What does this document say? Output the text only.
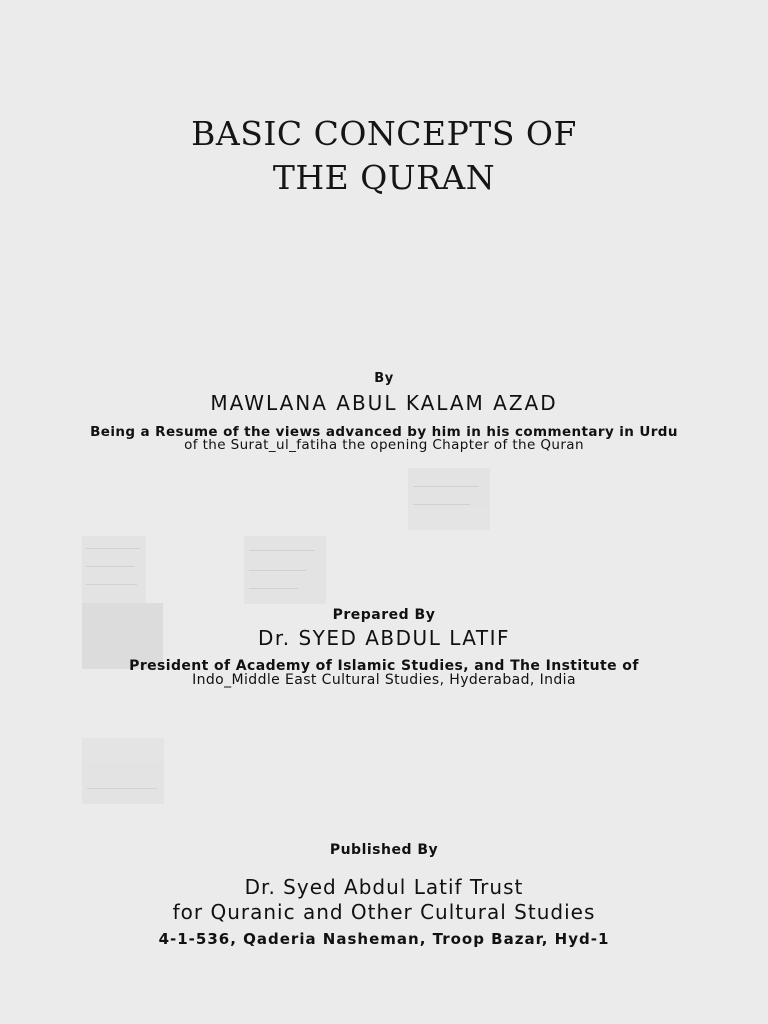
BASIC CONCEPTS OF
THE QURAN
By
MAWLANA ABUL KALAM AZAD
Being a Resume of the views advanced by him in his commentary in Urdu
of the Surat_ul_fatiha the opening Chapter of the Quran
Prepared By
Dr. SYED ABDUL LATIF
President of Academy of Islamic Studies, and The Institute of
Indo_Middle East Cultural Studies, Hyderabad, India
Published By
Dr. Syed Abdul Latif Trust
for Quranic and Other Cultural Studies
4-1-536, Qaderia Nasheman, Troop Bazar, Hyd-1
